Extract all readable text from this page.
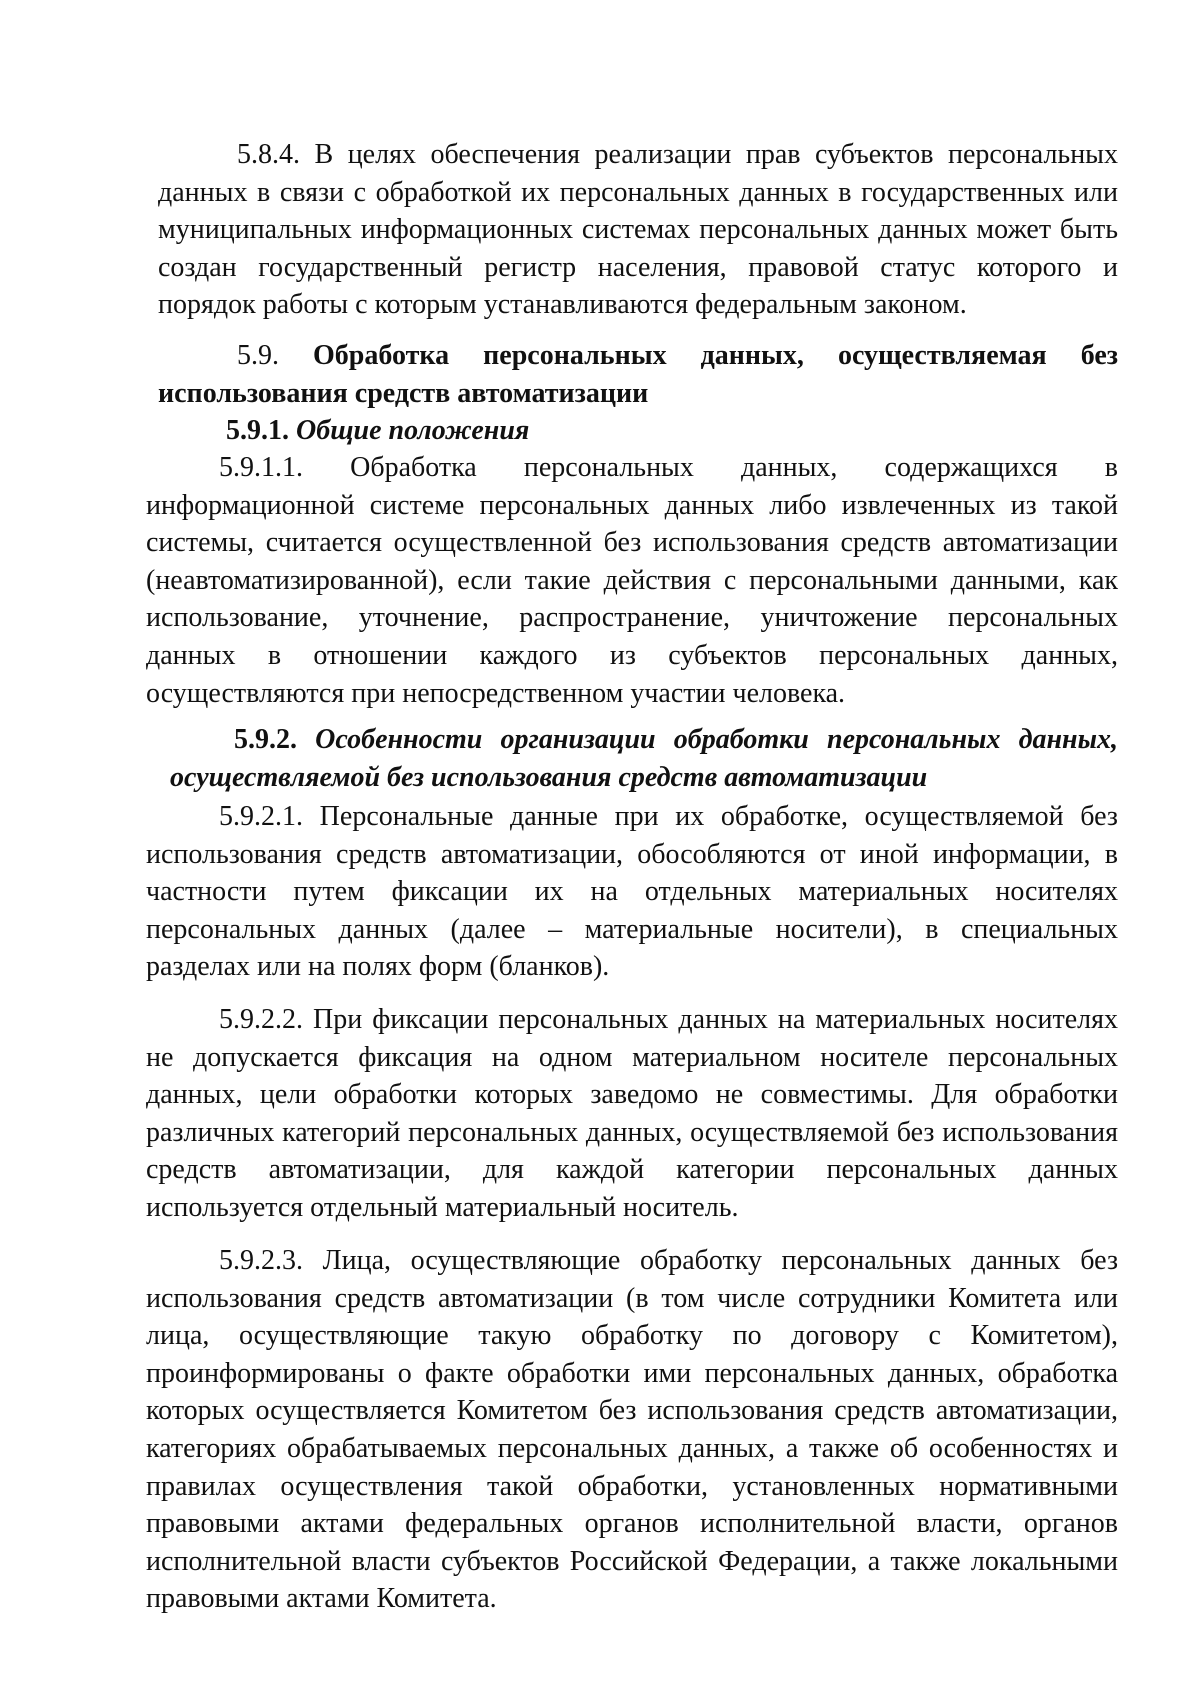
5.8.4. В целях обеспечения реализации прав субъектов персональных данных в связи с обработкой их персональных данных в государственных или муниципальных информационных системах персональных данных может быть создан государственный регистр населения, правовой статус которого и порядок работы с которым устанавливаются федеральным законом.

5.9. Обработка персональных данных, осуществляемая без использования средств автоматизации

5.9.1. Общие положения

5.9.1.1. Обработка персональных данных, содержащихся в информационной системе персональных данных либо извлеченных из такой системы, считается осуществленной без использования средств автоматизации (неавтоматизированной), если такие действия с персональными данными, как использование, уточнение, распространение, уничтожение персональных данных в отношении каждого из субъектов персональных данных, осуществляются при непосредственном участии человека.

5.9.2. Особенности организации обработки персональных данных, осуществляемой без использования средств автоматизации

5.9.2.1. Персональные данные при их обработке, осуществляемой без использования средств автоматизации, обособляются от иной информации, в частности путем фиксации их на отдельных материальных носителях персональных данных (далее – материальные носители), в специальных разделах или на полях форм (бланков).

5.9.2.2. При фиксации персональных данных на материальных носителях не допускается фиксация на одном материальном носителе персональных данных, цели обработки которых заведомо не совместимы. Для обработки различных категорий персональных данных, осуществляемой без использования средств автоматизации, для каждой категории персональных данных используется отдельный материальный носитель.

5.9.2.3. Лица, осуществляющие обработку персональных данных без использования средств автоматизации (в том числе сотрудники Комитета или лица, осуществляющие такую обработку по договору с Комитетом), проинформированы о факте обработки ими персональных данных, обработка которых осуществляется Комитетом без использования средств автоматизации, категориях обрабатываемых персональных данных, а также об особенностях и правилах осуществления такой обработки, установленных нормативными правовыми актами федеральных органов исполнительной власти, органов исполнительной власти субъектов Российской Федерации, а также локальными правовыми актами Комитета.
